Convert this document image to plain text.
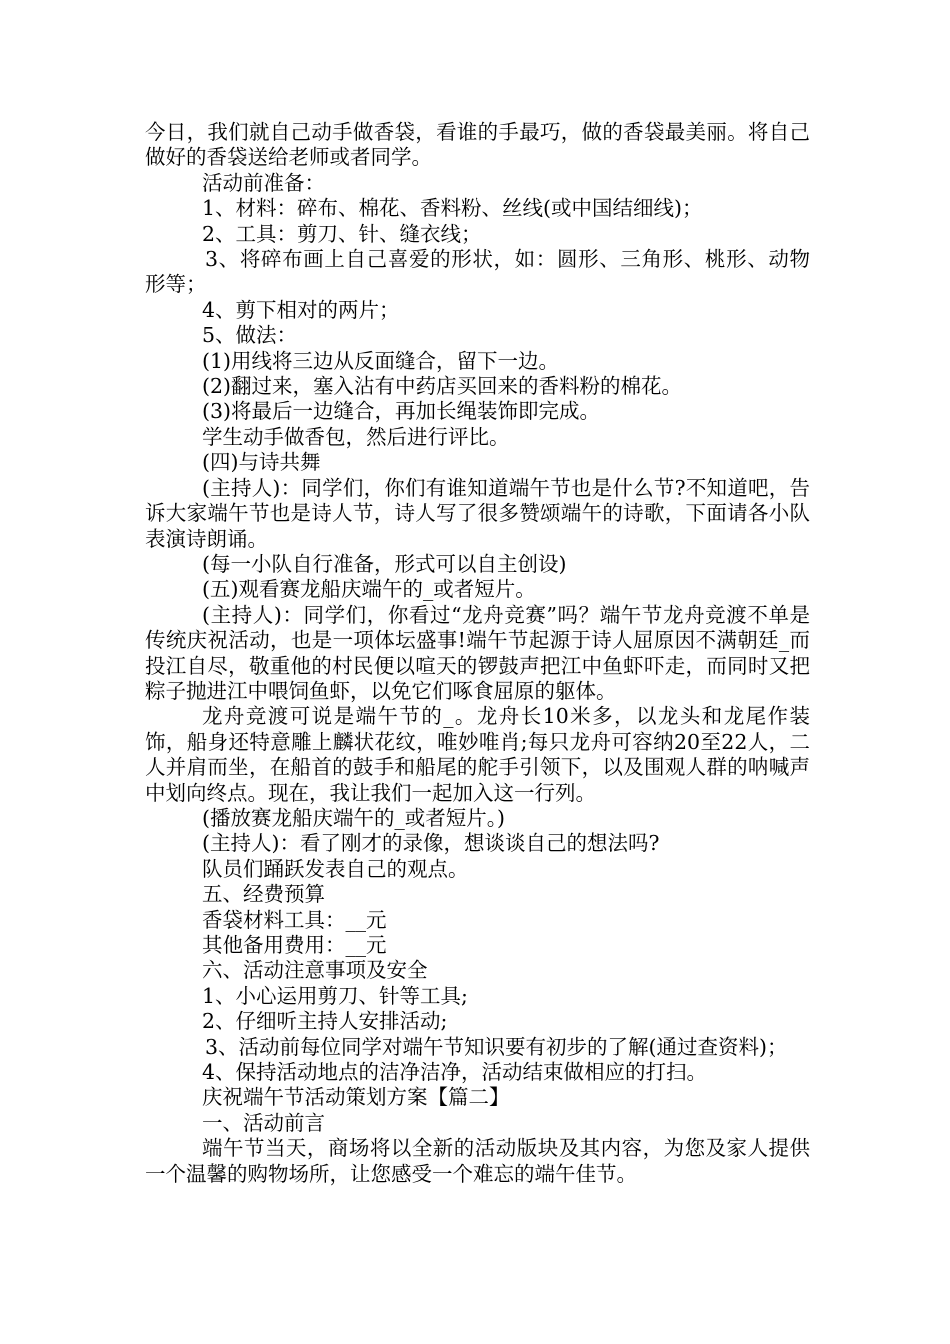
今日，我们就自己动手做香袋，看谁的手最巧，做的香袋最美丽。将自己做好的香袋送给老师或者同学。

活动前准备：

1、材料：碎布、棉花、香料粉、丝线(或中国结细线)；

2、工具：剪刀、针、缝衣线；

3、将碎布画上自己喜爱的形状，如：圆形、三角形、桃形、动物形等；

4、剪下相对的两片；

5、做法：

(1)用线将三边从反面缝合，留下一边。

(2)翻过来，塞入沾有中药店买回来的香料粉的棉花。

(3)将最后一边缝合，再加长绳装饰即完成。

学生动手做香包，然后进行评比。

(四)与诗共舞

(主持人)：同学们，你们有谁知道端午节也是什么节?不知道吧，告诉大家端午节也是诗人节，诗人写了很多赞颂端午的诗歌，下面请各小队表演诗朗诵。

(每一小队自行准备，形式可以自主创设)

(五)观看赛龙船庆端午的_或者短片。

(主持人)：同学们，你看过“龙舟竞赛”吗？端午节龙舟竞渡不单是传统庆祝活动，也是一项体坛盛事!端午节起源于诗人屈原因不满朝廷_而投江自尽，敬重他的村民便以喧天的锣鼓声把江中鱼虾吓走，而同时又把粽子抛进江中喂饲鱼虾，以免它们啄食屈原的躯体。

龙舟竞渡可说是端午节的_。龙舟长10米多，以龙头和龙尾作装饰，船身还特意雕上麟状花纹，唯妙唯肖;每只龙舟可容纳20至22人，二人并肩而坐，在船首的鼓手和船尾的舵手引领下，以及围观人群的呐喊声中划向终点。现在，我让我们一起加入这一行列。

(播放赛龙船庆端午的_或者短片。)

(主持人)：看了刚才的录像，想谈谈自己的想法吗?

队员们踊跃发表自己的观点。

五、经费预算

香袋材料工具：__元

其他备用费用：__元

六、活动注意事项及安全

1、小心运用剪刀、针等工具;

2、仔细听主持人安排活动;

3、活动前每位同学对端午节知识要有初步的了解(通过查资料)；

4、保持活动地点的洁净洁净，活动结束做相应的打扫。

庆祝端午节活动策划方案【篇二】

一、活动前言

端午节当天，商场将以全新的活动版块及其内容，为您及家人提供一个温馨的购物场所，让您感受一个难忘的端午佳节。
